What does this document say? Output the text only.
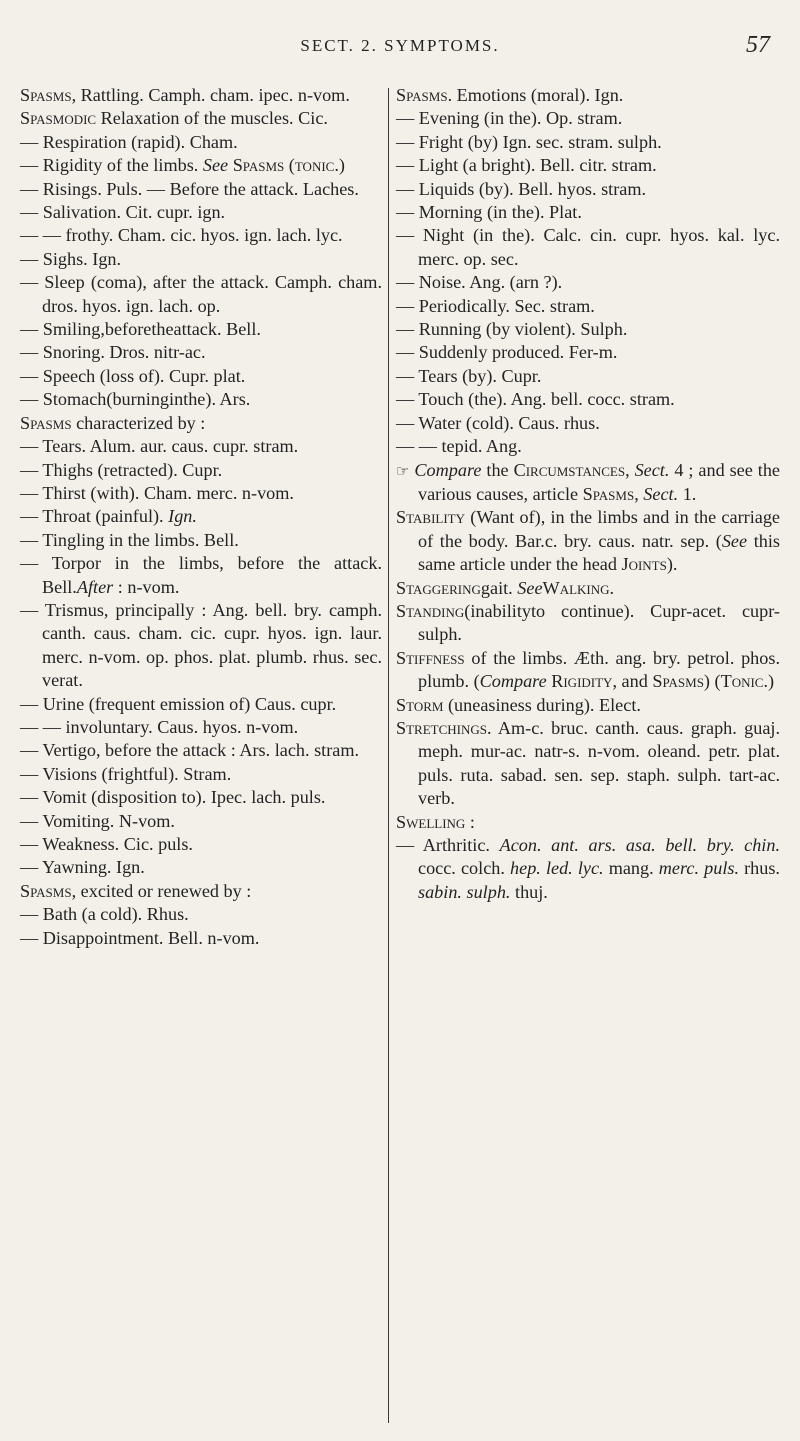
SECT. 2. SYMPTOMS.	57

Spasms, Rattling. Camph. cham. ipec. n-vom.

Spasmodic Relaxation of the muscles. Cic.

— Respiration (rapid). Cham.

— Rigidity of the limbs. See Spasms (tonic.)

— Risings. Puls. — Before the attack. Laches.

— Salivation. Cit. cupr. ign.

— — frothy. Cham. cic. hyos. ign. lach. lyc.

— Sighs. Ign.

— Sleep (coma), after the attack. Camph. cham. dros. hyos. ign. lach. op.

— Smiling,beforetheattack. Bell.

— Snoring. Dros. nitr-ac.

— Speech (loss of). Cupr. plat.

— Stomach(burninginthe). Ars.

Spasms characterized by :

— Tears. Alum. aur. caus. cupr. stram.

— Thighs (retracted). Cupr.

— Thirst (with). Cham. merc. n-vom.

— Throat (painful). Ign.

— Tingling in the limbs. Bell.

— Torpor in the limbs, before the attack. Bell.After : n-vom.

— Trismus, principally : Ang. bell. bry. camph. canth. caus. cham. cic. cupr. hyos. ign. laur. merc. n-vom. op. phos. plat. plumb. rhus. sec. verat.

— Urine (frequent emission of) Caus. cupr.

— — involuntary. Caus. hyos. n-vom.

— Vertigo, before the attack : Ars. lach. stram.

— Visions (frightful). Stram.

— Vomit (disposition to). Ipec. lach. puls.

— Vomiting. N-vom.

— Weakness. Cic. puls.

— Yawning. Ign.

Spasms, excited or renewed by :

— Bath (a cold). Rhus.

— Disappointment. Bell. n-vom.

Spasms. Emotions (moral). Ign.

— Evening (in the). Op. stram.

— Fright (by) Ign. sec. stram. sulph.

— Light (a bright). Bell. citr. stram.

— Liquids (by). Bell. hyos. stram.

— Morning (in the). Plat.

— Night (in the). Calc. cin. cupr. hyos. kal. lyc. merc. op. sec.

— Noise. Ang. (arn ?).

— Periodically. Sec. stram.

— Running (by violent). Sulph.

— Suddenly produced. Fer-m.

— Tears (by). Cupr.

— Touch (the). Ang. bell. cocc. stram.

— Water (cold). Caus. rhus.

— — tepid. Ang.

☞ Compare the Circumstances, Sect. 4 ; and see the various causes, article Spasms, Sect. 1.

Stability (Want of), in the limbs and in the carriage of the body. Bar.c. bry. caus. natr. sep. (See this same article under the head Joints).

Staggeringgait. SeeWalking.

Standing(inabilityto continue). Cupr-acet. cupr-sulph.

Stiffness of the limbs. Æth. ang. bry. petrol. phos. plumb. (Compare Rigidity, and Spasms) (Tonic.)

Storm (uneasiness during). Elect.

Stretchings. Am-c. bruc. canth. caus. graph. guaj. meph. mur-ac. natr-s. n-vom. oleand. petr. plat. puls. ruta. sabad. sen. sep. staph. sulph. tart-ac. verb.

Swelling :

— Arthritic. Acon. ant. ars. asa. bell. bry. chin. cocc. colch. hep. led. lyc. mang. merc. puls. rhus. sabin. sulph. thuj.
